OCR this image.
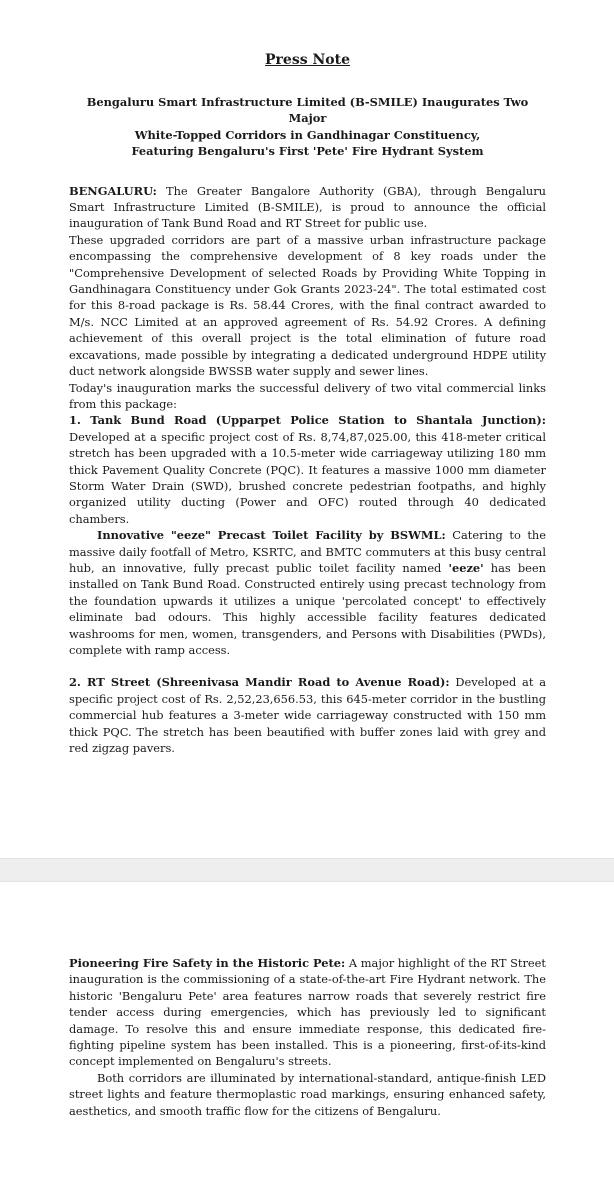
Press Note
Bengaluru Smart Infrastructure Limited (B-SMILE) Inaugurates Two Major
White-Topped Corridors in Gandhinagar Constituency,
Featuring Bengaluru's First 'Pete' Fire Hydrant System

BENGALURU: The Greater Bangalore Authority (GBA), through Bengaluru Smart Infrastructure Limited (B-SMILE), is proud to announce the official inauguration of Tank Bund Road and RT Street for public use.

These upgraded corridors are part of a massive urban infrastructure package encompassing the comprehensive development of 8 key roads under the "Comprehensive Development of selected Roads by Providing White Topping in Gandhinagara Constituency under Gok Grants 2023-24". The total estimated cost for this 8-road package is Rs. 58.44 Crores, with the final contract awarded to M/s. NCC Limited at an approved agreement of Rs. 54.92 Crores. A defining achievement of this overall project is the total elimination of future road excavations, made possible by integrating a dedicated underground HDPE utility duct network alongside BWSSB water supply and sewer lines.

Today's inauguration marks the successful delivery of two vital commercial links from this package:

1. Tank Bund Road (Upparpet Police Station to Shantala Junction): Developed at a specific project cost of Rs. 8,74,87,025.00, this 418-meter critical stretch has been upgraded with a 10.5-meter wide carriageway utilizing 180 mm thick Pavement Quality Concrete (PQC). It features a massive 1000 mm diameter Storm Water Drain (SWD), brushed concrete pedestrian footpaths, and highly organized utility ducting (Power and OFC) routed through 40 dedicated chambers.

Innovative "eeze" Precast Toilet Facility by BSWML: Catering to the massive daily footfall of Metro, KSRTC, and BMTC commuters at this busy central hub, an innovative, fully precast public toilet facility named 'eeze' has been installed on Tank Bund Road. Constructed entirely using precast technology from the foundation upwards it utilizes a unique 'percolated concept' to effectively eliminate bad odours. This highly accessible facility features dedicated washrooms for men, women, transgenders, and Persons with Disabilities (PWDs), complete with ramp access.

2. RT Street (Shreenivasa Mandir Road to Avenue Road): Developed at a specific project cost of Rs. 2,52,23,656.53, this 645-meter corridor in the bustling commercial hub features a 3-meter wide carriageway constructed with 150 mm thick PQC. The stretch has been beautified with buffer zones laid with grey and red zigzag pavers.

Pioneering Fire Safety in the Historic Pete: A major highlight of the RT Street inauguration is the commissioning of a state-of-the-art Fire Hydrant network. The historic 'Bengaluru Pete' area features narrow roads that severely restrict fire tender access during emergencies, which has previously led to significant damage. To resolve this and ensure immediate response, this dedicated fire-fighting pipeline system has been installed. This is a pioneering, first-of-its-kind concept implemented on Bengaluru's streets.

Both corridors are illuminated by international-standard, antique-finish LED street lights and feature thermoplastic road markings, ensuring enhanced safety, aesthetics, and smooth traffic flow for the citizens of Bengaluru.
